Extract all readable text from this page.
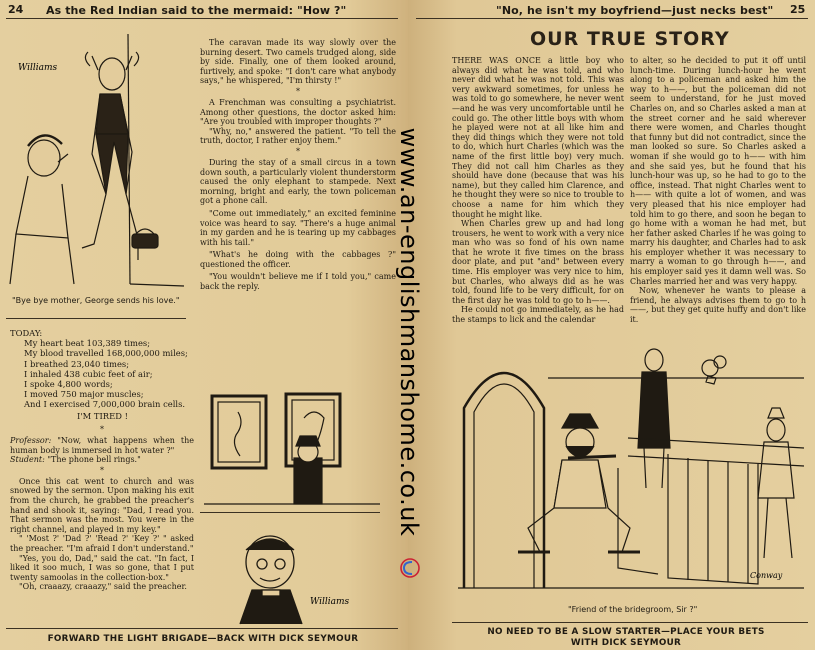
24 As the Red Indian said to the mermaid: "How ?"
Williams
"Bye bye mother, George sends his love."

The caravan made its way slowly over the burning desert. Two camels trudged along, side by side. Finally, one of them looked around, furtively, and spoke: "I don't care what anybody says," he whispered, "I'm thirsty !"

*

A Frenchman was consulting a psychiatrist. Among other questions, the doctor asked him: "Are you troubled with improper thoughts ?"

"Why, no," answered the patient. "To tell the truth, doctor, I rather enjoy them."

*

During the stay of a small circus in a town down south, a particularly violent thunderstorm caused the only elephant to stampede. Next morning, bright and early, the town policeman got a phone call.

"Come out immediately," an excited feminine voice was heard to say. "There's a huge animal in my garden and he is tearing up my cabbages with his tail."

"What's he doing with the cabbages ?" questioned the officer.

"You wouldn't believe me if I told you," came back the reply.

TODAY:
My heart beat 103,389 times;
My blood travelled 168,000,000 miles;
I breathed 23,040 times;
I inhaled 438 cubic feet of air;
I spoke 4,800 words;
I moved 750 major muscles;
And I exercised 7,000,000 brain cells.
I'M TIRED !
*

Professor: "Now, what happens when the human body is immersed in hot water ?"

Student: "The phone bell rings."

*

Once this cat went to church and was snowed by the sermon. Upon making his exit from the church, he grabbed the preacher's hand and shook it, saying: "Dad, I read you. That sermon was the most. You were in the right channel, and played in my key."

" 'Most ?' 'Dad ?' 'Read ?' 'Key ?' " asked the preacher. "I'm afraid I don't understand."

"Yes, you do, Dad," said the cat. "In fact, I liked it soo much, I was so gone, that I put twenty samoolas in the collection-box."

"Oh, craaazy, craaazy," said the preacher.

Williams
FORWARD THE LIGHT BRIGADE—BACK WITH DICK SEYMOUR
"No, he isn't my boyfriend—just necks best" 25
OUR TRUE STORY

THERE WAS ONCE a little boy who always did what he was told, and who never did what he was not told. This was very awkward sometimes, for unless he was told to go somewhere, he never went—and he was very uncomfortable until he could go. The other little boys with whom he played were not at all like him and they did things which they were not told to do, which hurt Charles (which was the name of the first little boy) very much. They did not call him Charles as they should have done (because that was his name), but they called him Clarence, and he thought they were so nice to trouble to choose a name for him which they thought he might like.

When Charles grew up and had long trousers, he went to work with a very nice man who was so fond of his own name that he wrote it five times on the brass door plate, and put "and" between every time. His employer was very nice to him, but Charles, who always did as he was told, found life to be very difficult, for on the first day he was told to go to h——.

He could not go immediately, as he had the stamps to lick and the calendar

to alter, so he decided to put it off until lunch-time. During lunch-hour he went along to a policeman and asked him the way to h——, but the policeman did not seem to understand, for he just moved Charles on, and so Charles asked a man at the street corner and he said wherever there were women, and Charles thought that funny but did not contradict, since the man looked so sure. So Charles asked a woman if she would go to h—— with him and she said yes, but he found that his lunch-hour was up, so he had to go to the office, instead. That night Charles went to h—— with quite a lot of women, and was very pleased that his nice employer had told him to go there, and soon he began to go home with a woman he had met, but her father asked Charles if he was going to marry his daughter, and Charles had to ask his employer whether it was necessary to marry a woman to go through h——, and his employer said yes it damn well was. So Charles married her and was very happy.

Now, whenever he wants to please a friend, he always advises them to go to h——, but they get quite huffy and don't like it.

Conway
"Friend of the bridegroom, Sir ?"
NO NEED TO BE A SLOW STARTER—PLACE YOUR BETS
WITH DICK SEYMOUR
www.an-englishmanshome.co.uk
